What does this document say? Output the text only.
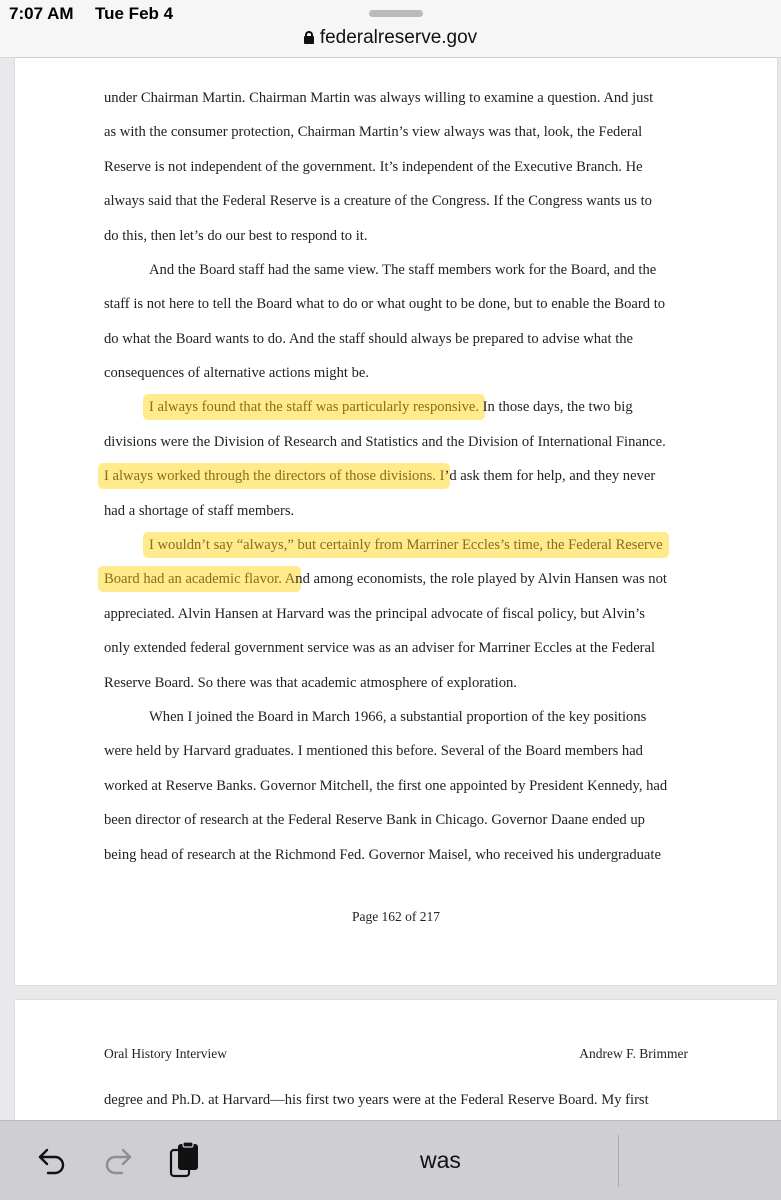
7:07 AM Tue Feb 4
federalreserve.gov
under Chairman Martin. Chairman Martin was always willing to examine a question. And just
as with the consumer protection, Chairman Martin’s view always was that, look, the Federal
Reserve is not independent of the government. It’s independent of the Executive Branch. He
always said that the Federal Reserve is a creature of the Congress. If the Congress wants us to
do this, then let’s do our best to respond to it.
And the Board staff had the same view. The staff members work for the Board, and the
staff is not here to tell the Board what to do or what ought to be done, but to enable the Board to
do what the Board wants to do. And the staff should always be prepared to advise what the
consequences of alternative actions might be.
I always found that the staff was particularly responsive. In those days, the two big
divisions were the Division of Research and Statistics and the Division of International Finance.
I always worked through the directors of those divisions. I’d ask them for help, and they never
had a shortage of staff members.
I wouldn’t say “always,” but certainly from Marriner Eccles’s time, the Federal Reserve
Board had an academic flavor. And among economists, the role played by Alvin Hansen was not
appreciated. Alvin Hansen at Harvard was the principal advocate of fiscal policy, but Alvin’s
only extended federal government service was as an adviser for Marriner Eccles at the Federal
Reserve Board. So there was that academic atmosphere of exploration.
When I joined the Board in March 1966, a substantial proportion of the key positions
were held by Harvard graduates. I mentioned this before. Several of the Board members had
worked at Reserve Banks. Governor Mitchell, the first one appointed by President Kennedy, had
been director of research at the Federal Reserve Bank in Chicago. Governor Daane ended up
being head of research at the Richmond Fed. Governor Maisel, who received his undergraduate
Page 162 of 217
Oral History Interview	Andrew F. Brimmer
degree and Ph.D. at Harvard—his first two years were at the Federal Reserve Board. My first
was
